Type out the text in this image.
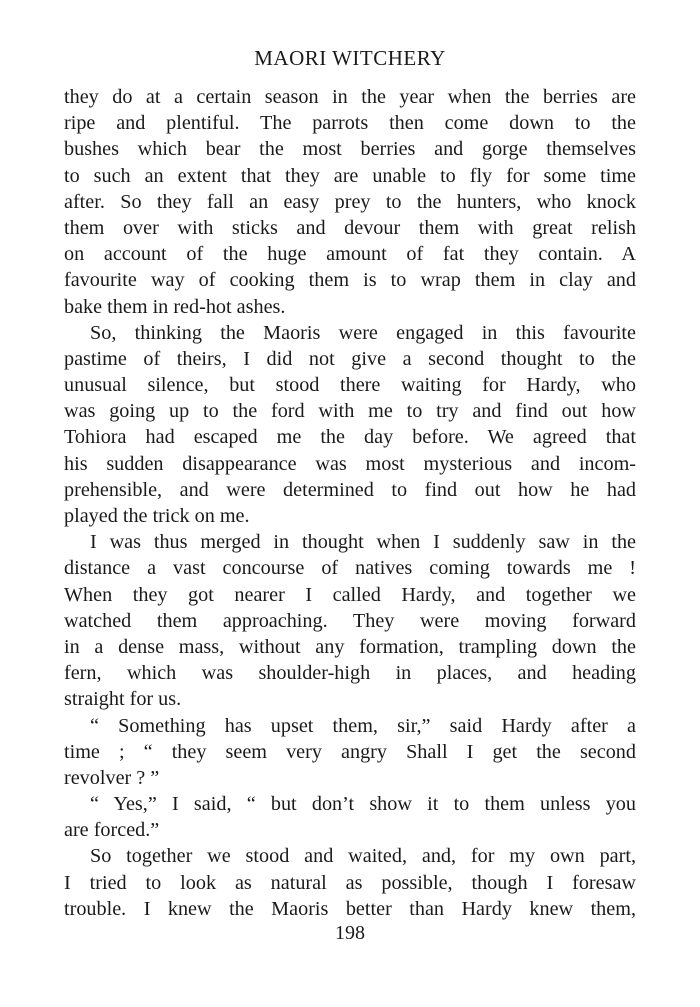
MAORI WITCHERY
they do at a certain season in the year when the berries are
ripe and plentiful. The parrots then come down to the
bushes which bear the most berries and gorge themselves
to such an extent that they are unable to fly for some time
after. So they fall an easy prey to the hunters, who knock
them over with sticks and devour them with great relish
on account of the huge amount of fat they contain. A
favourite way of cooking them is to wrap them in clay and
bake them in red-hot ashes.
So, thinking the Maoris were engaged in this favourite
pastime of theirs, I did not give a second thought to the
unusual silence, but stood there waiting for Hardy, who
was going up to the ford with me to try and find out how
Tohiora had escaped me the day before. We agreed that
his sudden disappearance was most mysterious and incom-
prehensible, and were determined to find out how he had
played the trick on me.
I was thus merged in thought when I suddenly saw in the
distance a vast concourse of natives coming towards me !
When they got nearer I called Hardy, and together we
watched them approaching. They were moving forward
in a dense mass, without any formation, trampling down the
fern, which was shoulder-high in places, and heading
straight for us.
“ Something has upset them, sir,” said Hardy after a
time ; “ they seem very angry Shall I get the second
revolver ? ”
“ Yes,” I said, “ but don’t show it to them unless you
are forced.”
So together we stood and waited, and, for my own part,
I tried to look as natural as possible, though I foresaw
trouble. I knew the Maoris better than Hardy knew them,
198
